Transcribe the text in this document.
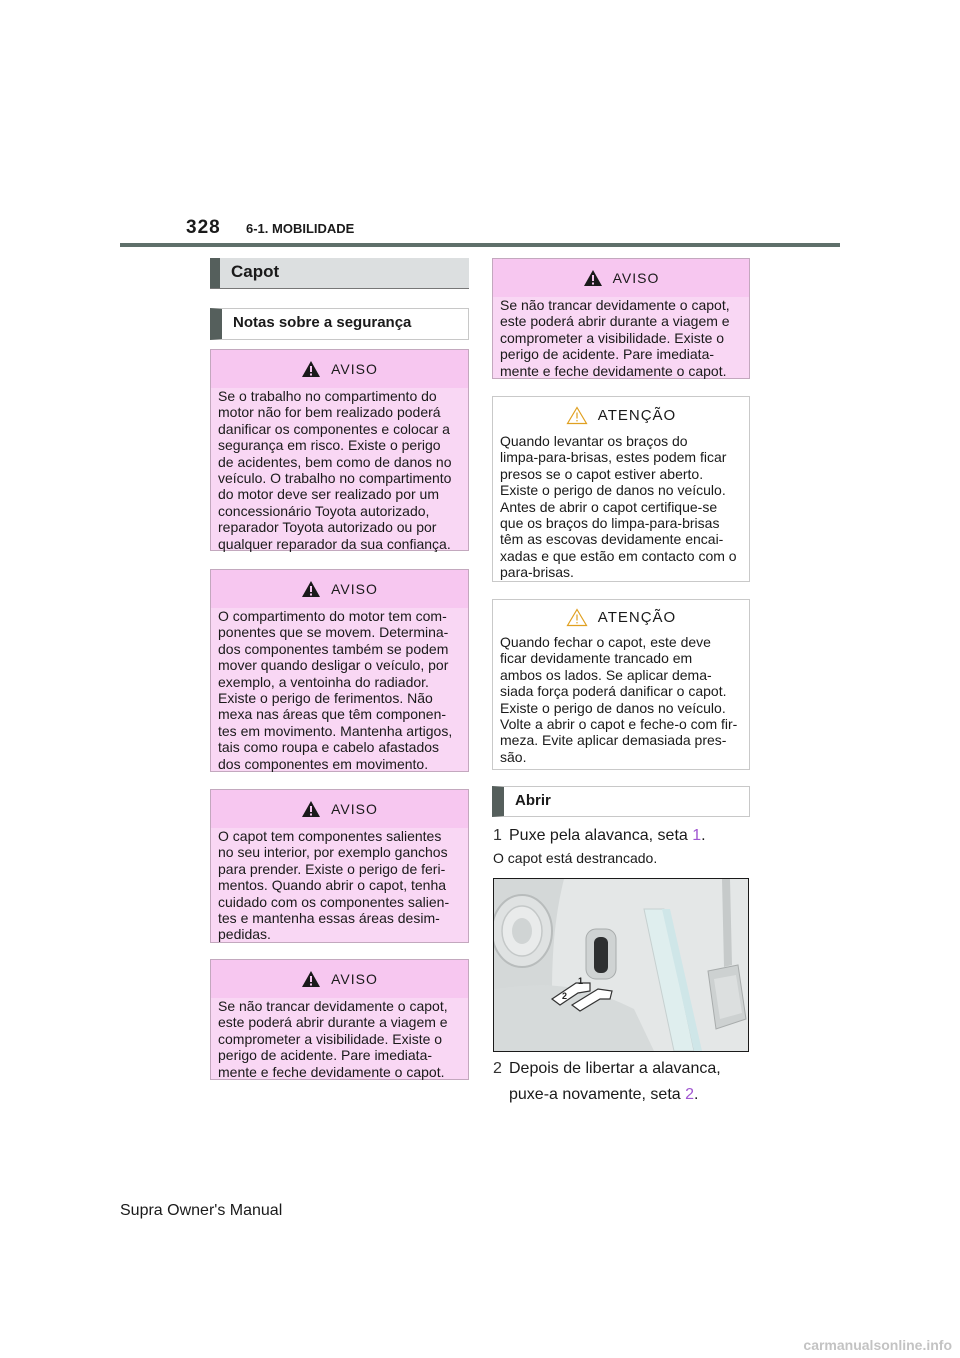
328 6-1. MOBILIDADE
Capot
Notas sobre a segurança
AVISO
Se o trabalho no compartimento do
motor não for bem realizado poderá
danificar os componentes e colocar a
segurança em risco. Existe o perigo
de acidentes, bem como de danos no
veículo. O trabalho no compartimento
do motor deve ser realizado por um
concessionário Toyota autorizado,
reparador Toyota autorizado ou por
qualquer reparador da sua confiança.
AVISO
O compartimento do motor tem com-
ponentes que se movem. Determina-
dos componentes também se podem
mover quando desligar o veículo, por
exemplo, a ventoinha do radiador.
Existe o perigo de ferimentos. Não
mexa nas áreas que têm componen-
tes em movimento. Mantenha artigos,
tais como roupa e cabelo afastados
dos componentes em movimento.
AVISO
O capot tem componentes salientes
no seu interior, por exemplo ganchos
para prender. Existe o perigo de feri-
mentos. Quando abrir o capot, tenha
cuidado com os componentes salien-
tes e mantenha essas áreas desim-
pedidas.
AVISO
Se não trancar devidamente o capot,
este poderá abrir durante a viagem e
comprometer a visibilidade. Existe o
perigo de acidente. Pare imediata-
mente e feche devidamente o capot.
AVISO
Se não trancar devidamente o capot,
este poderá abrir durante a viagem e
comprometer a visibilidade. Existe o
perigo de acidente. Pare imediata-
mente e feche devidamente o capot.
ATENÇÃO
Quando levantar os braços do
limpa-para-brisas, estes podem ficar
presos se o capot estiver aberto.
Existe o perigo de danos no veículo.
Antes de abrir o capot certifique-se
que os braços do limpa-para-brisas
têm as escovas devidamente encai-
xadas e que estão em contacto com o
para-brisas.
ATENÇÃO
Quando fechar o capot, este deve
ficar devidamente trancado em
ambos os lados. Se aplicar dema-
siada força poderá danificar o capot.
Existe o perigo de danos no veículo.
Volte a abrir o capot e feche-o com fir-
meza. Evite aplicar demasiada pres-
são.
Abrir
1 Puxe pela alavanca, seta 1.
O capot está destrancado.
1
2
2 Depois de libertar a alavanca,
puxe-a novamente, seta 2.
Supra Owner's Manual
carmanualsonline.info
